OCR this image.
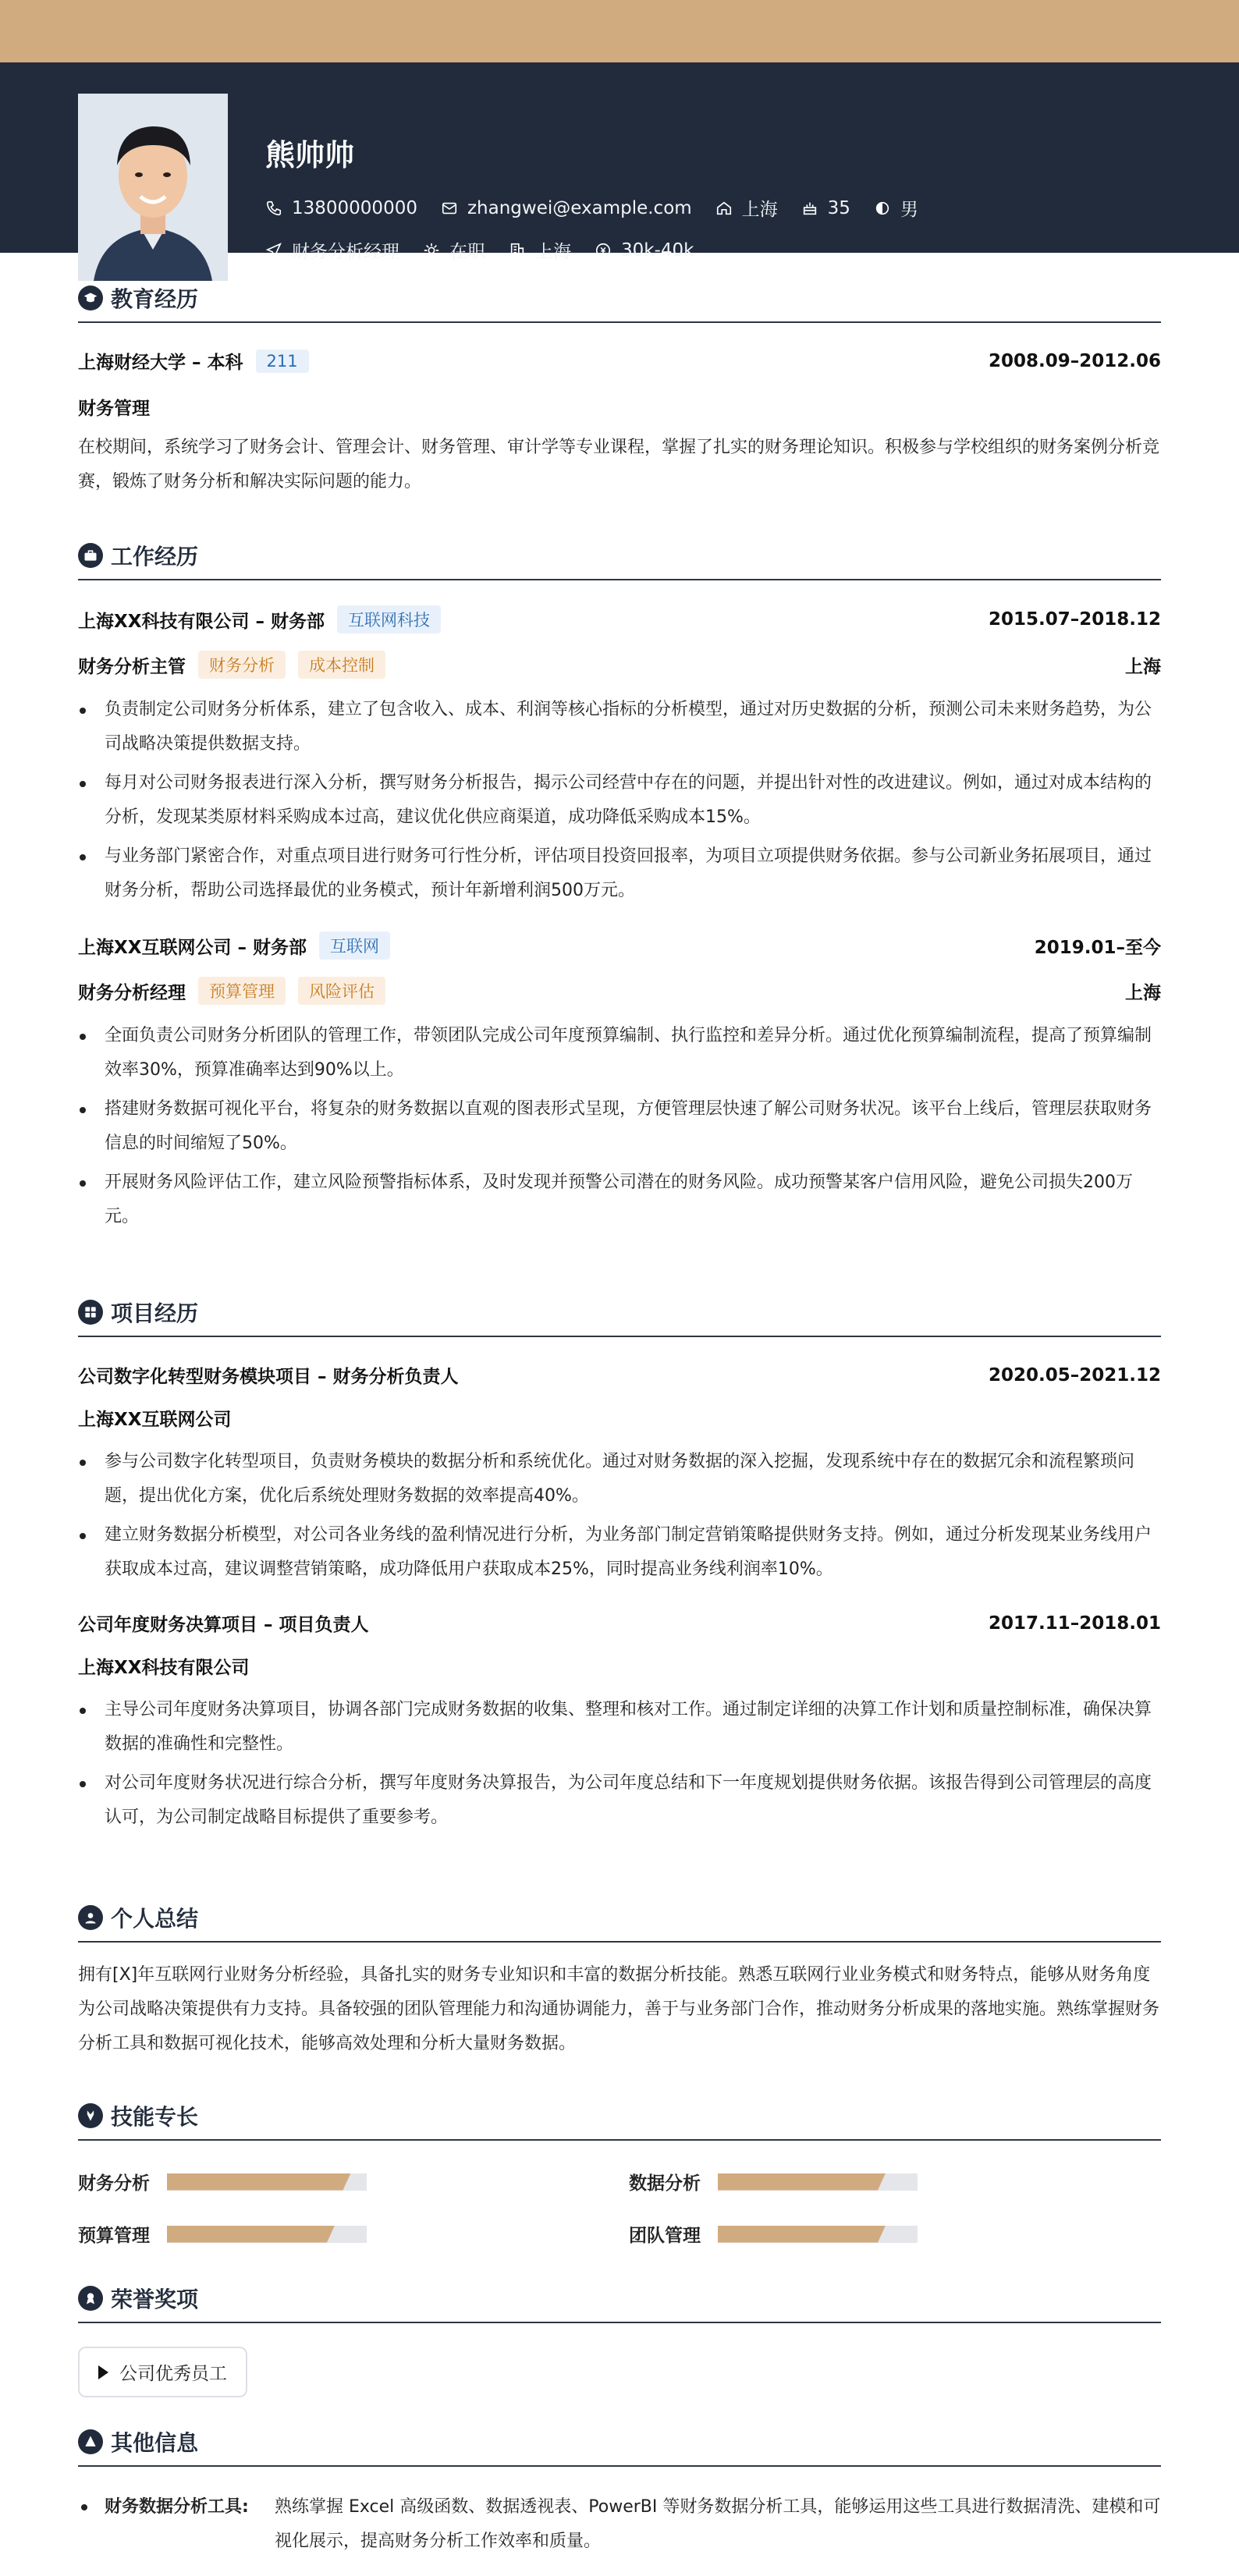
熊帅帅
13800000000	zhangwei@example.com	上海	35	男
财务分析经理	在职	上海	30k-40k
教育经历
上海财经大学 – 本科	211	2008.09–2012.06
财务管理
在校期间，系统学习了财务会计、管理会计、财务管理、审计学等专业课程，掌握了扎实的财务理论知识。积极参与学校组织的财务案例分析竞赛，锻炼了财务分析和解决实际问题的能力。
工作经历
上海XX科技有限公司 – 财务部	互联网科技	2015.07–2018.12
财务分析主管	财务分析	成本控制	上海
负责制定公司财务分析体系，建立了包含收入、成本、利润等核心指标的分析模型，通过对历史数据的分析，预测公司未来财务趋势，为公司战略决策提供数据支持。
每月对公司财务报表进行深入分析，撰写财务分析报告，揭示公司经营中存在的问题，并提出针对性的改进建议。例如，通过对成本结构的分析，发现某类原材料采购成本过高，建议优化供应商渠道，成功降低采购成本15%。
与业务部门紧密合作，对重点项目进行财务可行性分析，评估项目投资回报率，为项目立项提供财务依据。参与公司新业务拓展项目，通过财务分析，帮助公司选择最优的业务模式，预计年新增利润500万元。
上海XX互联网公司 – 财务部	互联网	2019.01–至今
财务分析经理	预算管理	风险评估	上海
全面负责公司财务分析团队的管理工作，带领团队完成公司年度预算编制、执行监控和差异分析。通过优化预算编制流程，提高了预算编制效率30%，预算准确率达到90%以上。
搭建财务数据可视化平台，将复杂的财务数据以直观的图表形式呈现，方便管理层快速了解公司财务状况。该平台上线后，管理层获取财务信息的时间缩短了50%。
开展财务风险评估工作，建立风险预警指标体系，及时发现并预警公司潜在的财务风险。成功预警某客户信用风险，避免公司损失200万元。
项目经历
公司数字化转型财务模块项目 – 财务分析负责人	2020.05–2021.12
上海XX互联网公司
参与公司数字化转型项目，负责财务模块的数据分析和系统优化。通过对财务数据的深入挖掘，发现系统中存在的数据冗余和流程繁琐问题，提出优化方案，优化后系统处理财务数据的效率提高40%。
建立财务数据分析模型，对公司各业务线的盈利情况进行分析，为业务部门制定营销策略提供财务支持。例如，通过分析发现某业务线用户获取成本过高，建议调整营销策略，成功降低用户获取成本25%，同时提高业务线利润率10%。
公司年度财务决算项目 – 项目负责人	2017.11–2018.01
上海XX科技有限公司
主导公司年度财务决算项目，协调各部门完成财务数据的收集、整理和核对工作。通过制定详细的决算工作计划和质量控制标准，确保决算数据的准确性和完整性。
对公司年度财务状况进行综合分析，撰写年度财务决算报告，为公司年度总结和下一年度规划提供财务依据。该报告得到公司管理层的高度认可，为公司制定战略目标提供了重要参考。
个人总结
拥有[X]年互联网行业财务分析经验，具备扎实的财务专业知识和丰富的数据分析技能。熟悉互联网行业业务模式和财务特点，能够从财务角度为公司战略决策提供有力支持。具备较强的团队管理能力和沟通协调能力，善于与业务部门合作，推动财务分析成果的落地实施。熟练掌握财务分析工具和数据可视化技术，能够高效处理和分析大量财务数据。
技能专长
财务分析	数据分析
预算管理	团队管理
荣誉奖项
公司优秀员工
其他信息
财务数据分析工具:	熟练掌握 Excel 高级函数、数据透视表、PowerBI 等财务数据分析工具，能够运用这些工具进行数据清洗、建模和可视化展示，提高财务分析工作效率和质量。
